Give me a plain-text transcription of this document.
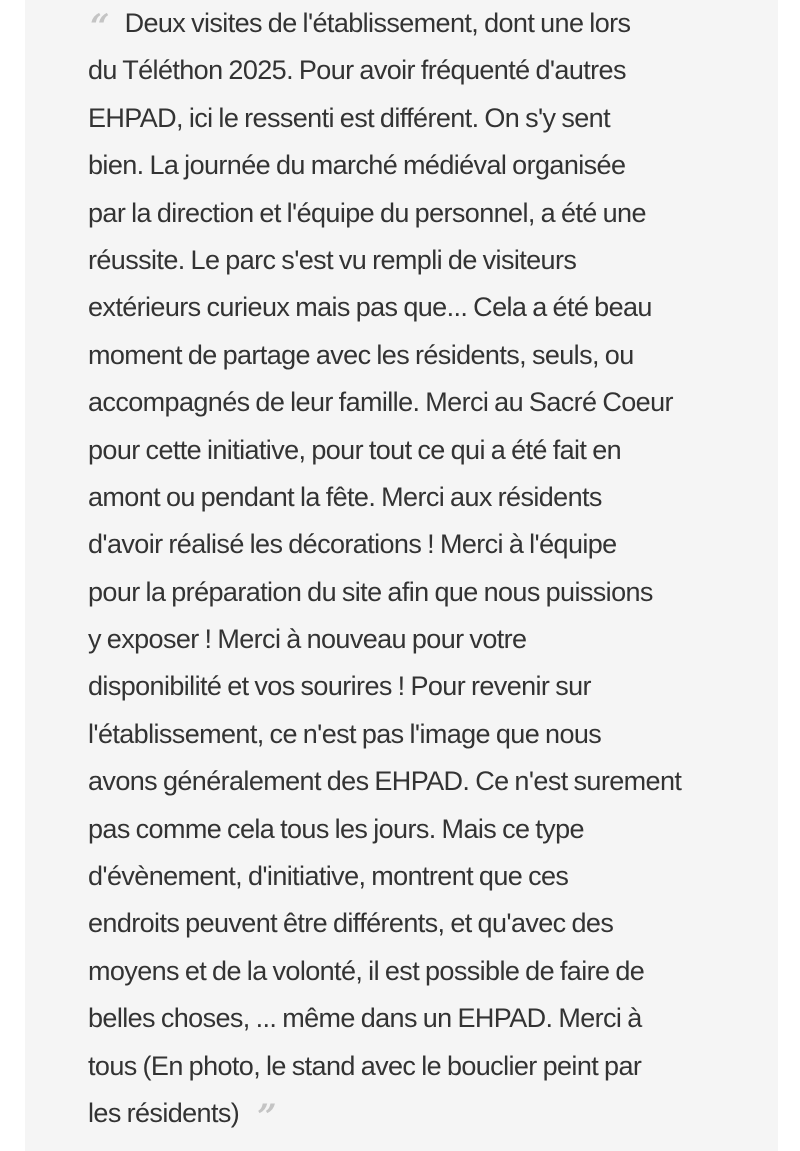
“ Deux visites de l'établissement, dont une lors
du Téléthon 2025. Pour avoir fréquenté d'autres
EHPAD, ici le ressenti est différent. On s'y sent
bien. La journée du marché médiéval organisée
par la direction et l'équipe du personnel, a été une
réussite. Le parc s'est vu rempli de visiteurs
extérieurs curieux mais pas que... Cela a été beau
moment de partage avec les résidents, seuls, ou
accompagnés de leur famille. Merci au Sacré Coeur
pour cette initiative, pour tout ce qui a été fait en
amont ou pendant la fête. Merci aux résidents
d'avoir réalisé les décorations ! Merci à l'équipe
pour la préparation du site afin que nous puissions
y exposer ! Merci à nouveau pour votre
disponibilité et vos sourires ! Pour revenir sur
l'établissement, ce n'est pas l'image que nous
avons généralement des EHPAD. Ce n'est surement
pas comme cela tous les jours. Mais ce type
d'évènement, d'initiative, montrent que ces
endroits peuvent être différents, et qu'avec des
moyens et de la volonté, il est possible de faire de
belles choses, ... même dans un EHPAD. Merci à
tous (En photo, le stand avec le bouclier peint par
les résidents) ”
